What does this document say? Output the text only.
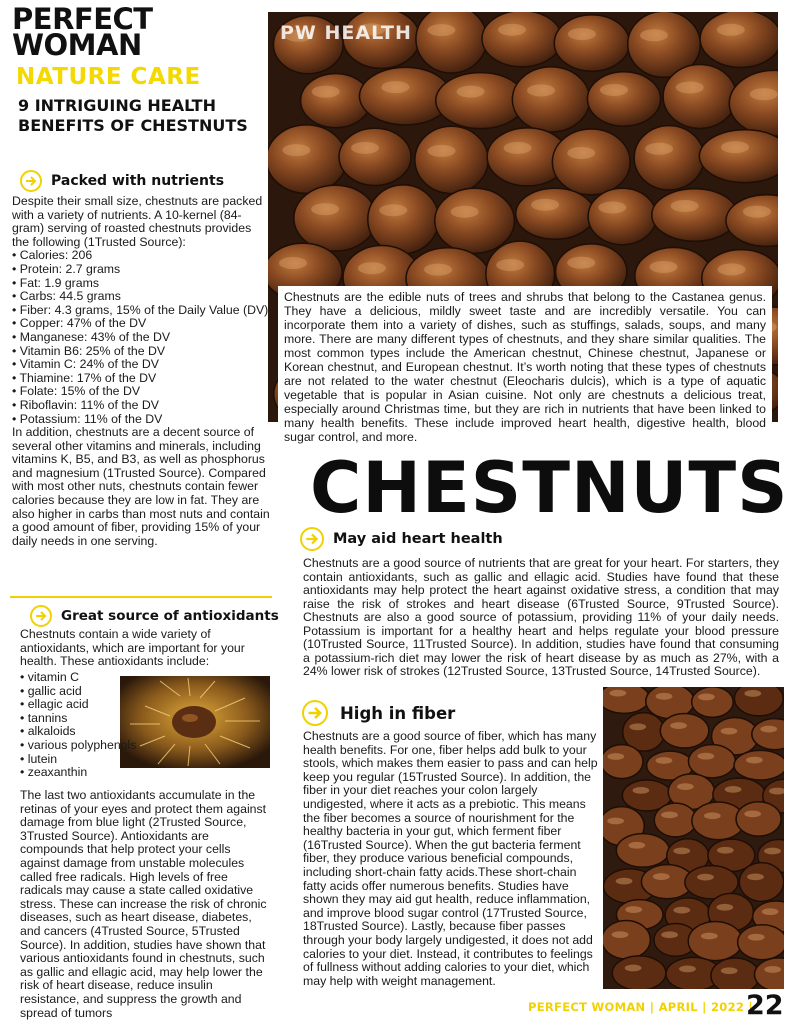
PERFECT
WOMAN
NATURE CARE
9 INTRIGUING HEALTH BENEFITS OF CHESTNUTS
Packed with nutrients
Despite their small size, chestnuts are packed with a variety of nutrients. A 10-kernel (84-gram) serving of roasted chestnuts provides the following (1Trusted Source):
• Calories: 206
• Protein: 2.7 grams
• Fat: 1.9 grams
• Carbs: 44.5 grams
• Fiber: 4.3 grams, 15% of the Daily Value (DV)
• Copper: 47% of the DV
• Manganese: 43% of the DV
• Vitamin B6: 25% of the DV
• Vitamin C: 24% of the DV
• Thiamine: 17% of the DV
• Folate: 15% of the DV
• Riboflavin: 11% of the DV
• Potassium: 11% of the DV
In addition, chestnuts are a decent source of several other vitamins and minerals, including vitamins K, B5, and B3, as well as phosphorus and magnesium (1Trusted Source). Compared with most other nuts, chestnuts contain fewer calories because they are low in fat. They are also higher in carbs than most nuts and contain a good amount of fiber, providing 15% of your daily needs in one serving.
Great source of antioxidants
Chestnuts contain a wide variety of antioxidants, which are important for your health. These antioxidants include:
• vitamin C
• gallic acid
• ellagic acid
• tannins
• alkaloids
• various polyphenols
• lutein
• zeaxanthin
The last two antioxidants accumulate in the retinas of your eyes and protect them against damage from blue light (2Trusted Source, 3Trusted Source). Antioxidants are compounds that help protect your cells against damage from unstable molecules called free radicals. High levels of free radicals may cause a state called oxidative stress. These can increase the risk of chronic diseases, such as heart disease, diabetes, and cancers (4Trusted Source, 5Trusted Source). In addition, studies have shown that various antioxidants found in chestnuts, such as gallic and ellagic acid, may help lower the risk of heart disease, reduce insulin resistance, and suppress the growth and spread of tumors
PW HEALTH
Chestnuts are the edible nuts of trees and shrubs that belong to the Castanea genus. They have a delicious, mildly sweet taste and are incredibly versatile. You can incorporate them into a variety of dishes, such as stuffings, salads, soups, and many more. There are many different types of chestnuts, and they share similar qualities. The most common types include the American chestnut, Chinese chestnut, Japanese or Korean chestnut, and European chestnut. It’s worth noting that these types of chestnuts are not related to the water chestnut (Eleocharis dulcis), which is a type of aquatic vegetable that is popular in Asian cuisine. Not only are chestnuts a delicious treat, especially around Christmas time, but they are rich in nutrients that have been linked to many health benefits. These include improved heart health, digestive health, blood sugar control, and more.
CHESTNUTS
May aid heart health
Chestnuts are a good source of nutrients that are great for your heart. For starters, they contain antioxidants, such as gallic and ellagic acid. Studies have found that these antioxidants may help protect the heart against oxidative stress, a condition that may raise the risk of strokes and heart disease (6Trusted Source, 9Trusted Source). Chestnuts are also a good source of potassium, providing 11% of your daily needs. Potassium is important for a healthy heart and helps regulate your blood pressure (10Trusted Source, 11Trusted Source). In addition, studies have found that consuming a potassium-rich diet may lower the risk of heart disease by as much as 27%, with a 24% lower risk of strokes (12Trusted Source, 13Trusted Source, 14Trusted Source).
High in fiber
Chestnuts are a good source of fiber, which has many health benefits. For one, fiber helps add bulk to your stools, which makes them easier to pass and can help keep you regular (15Trusted Source). In addition, the fiber in your diet reaches your colon largely undigested, where it acts as a prebiotic. This means the fiber becomes a source of nourishment for the healthy bacteria in your gut, which ferment fiber (16Trusted Source). When the gut bacteria ferment fiber, they produce various beneficial compounds, including short-chain fatty acids.These short-chain fatty acids offer numerous benefits. Studies have shown they may aid gut health, reduce inflammation, and improve blood sugar control (17Trusted Source, 18Trusted Source). Lastly, because fiber passes through your body largely undigested, it does not add calories to your diet. Instead, it contributes to feelings of fullness without adding calories to your diet, which may help with weight management.
PERFECT WOMAN | APRIL | 2022 |
22
